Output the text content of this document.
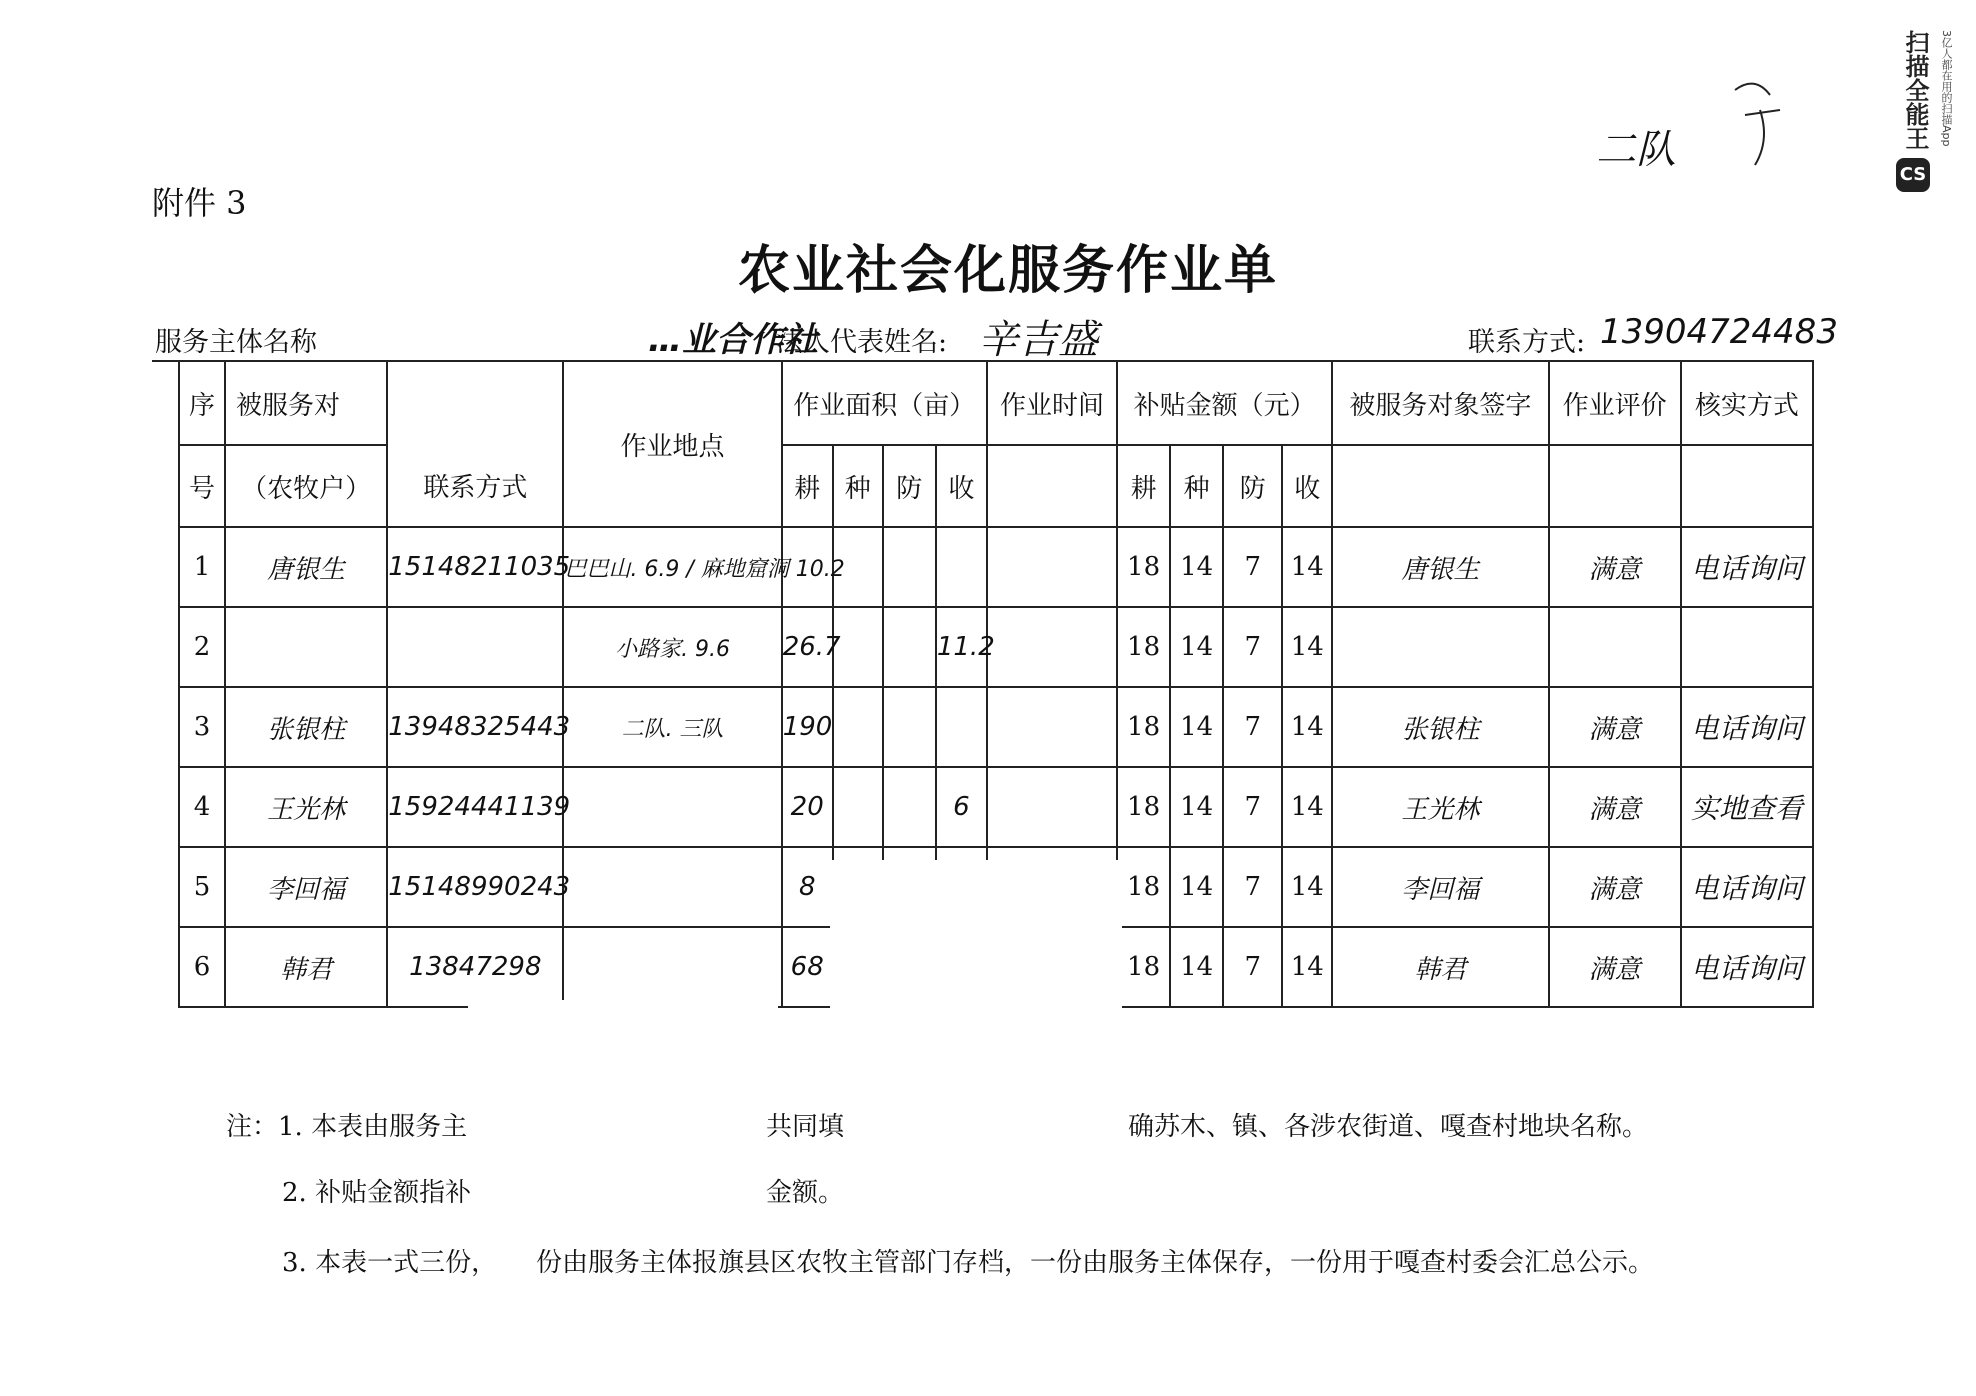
扫描全能王	3亿人都在用的扫描App
CS
二队
附件 3
农业社会化服务作业单
服务主体名称	…业合作社
法人代表姓名: 辛吉盛	联系方式: 13904724483
序	被服务对		作业地点	作业面积（亩）				作业时间	补贴金额（元）				被服务对象签字	作业评价	核实方式
号	（农牧户）	联系方式		耕	种	防	收		耕	种	防	收			
1	唐银生	15148211035	巴巴山. 6.9 / 麻地窟洞 10.2						18	14	7	14	唐银生	满意	电话询问
2			小路家. 9.6	26.7			11.2		18	14	7	14			
3	张银柱	13948325443	二队. 三队	190					18	14	7	14	张银柱	满意	电话询问
4	王光林	15924441139		20			6		18	14	7	14	王光林	满意	实地查看
5	李回福	15148990243		8					18	14	7	14	李回福	满意	电话询问
6	韩君	13847298		68					18	14	7	14	韩君	满意	电话询问
注：1. 本表由服务主	共同填	确苏木、镇、各涉农街道、嘎查村地块名称。
2. 补贴金额指补	金额。
3. 本表一式三份， 份由服务主体报旗县区农牧主管部门存档，一份由服务主体保存，一份用于嘎查村委会汇总公示。
